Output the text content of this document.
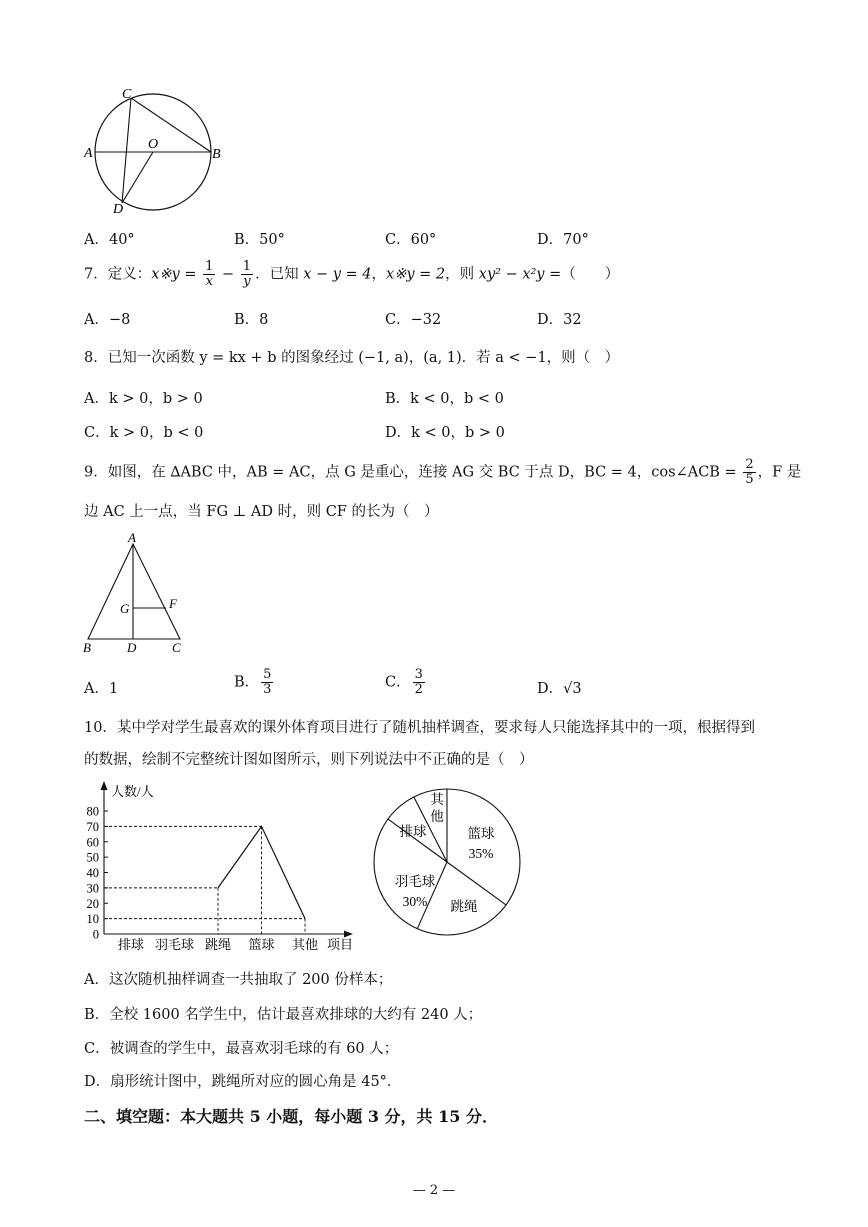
C
A
O
B
D
A．40°	B．50°	C．60°	D．70°
7．定义：x※y = $\frac{1}{x} - \frac{1}{y}$ ．已知 x − y = 4，x※y = 2，则 xy² − x²y =（　　）
A．−8	B．8	C．−32	D．32
8．已知一次函数 y = kx + b 的图象经过 (−1, a)，(a, 1)．若 a < −1，则（　）
A．k > 0，b > 0	B．k < 0，b < 0
C．k > 0，b < 0	D．k < 0，b > 0
9．如图，在 ∆ABC 中，AB = AC，点 G 是重心，连接 AG 交 BC 于点 D，BC = 4，cos∠ACB = $\frac{2}{5}$ ，F 是
边 AC 上一点，当 FG ⊥ AD 时，则 CF 的长为（　）
A
G	F
B	D	C
A．1	B． $\frac{5}{3}$	C． $\frac{3}{2}$	D．√3
10．某中学对学生最喜欢的课外体育项目进行了随机抽样调查，要求每人只能选择其中的一项，根据得到
的数据，绘制不完整统计图如图所示，则下列说法中不正确的是（　）
人数/人
项目
0
10
20
30
40
50
60
70
80
排球 羽毛球 跳绳 篮球 其他
其
他
篮球
35%
跳绳
羽毛球
30%
排球
A．这次随机抽样调查一共抽取了 200 份样本；
B．全校 1600 名学生中，估计最喜欢排球的大约有 240 人；
C．被调查的学生中，最喜欢羽毛球的有 60 人；
D．扇形统计图中，跳绳所对应的圆心角是 45°．
二、填空题：本大题共 5 小题，每小题 3 分，共 15 分．
— 2 —
